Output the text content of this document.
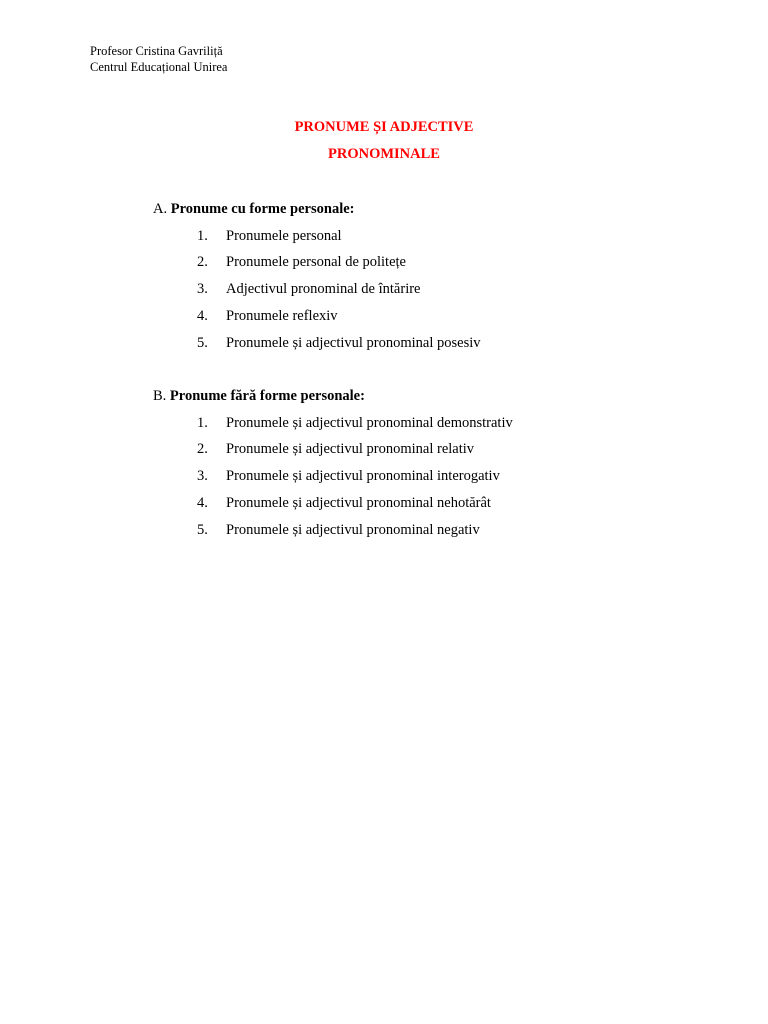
Profesor Cristina Gavriliță
Centrul Educațional Unirea
PRONUME ȘI ADJECTIVE
PRONOMINALE
A. Pronume cu forme personale:
1. Pronumele personal
2. Pronumele personal de politețe
3. Adjectivul pronominal de întărire
4. Pronumele reflexiv
5. Pronumele și adjectivul pronominal posesiv
B. Pronume fără forme personale:
1. Pronumele și adjectivul pronominal demonstrativ
2. Pronumele și adjectivul pronominal relativ
3. Pronumele și adjectivul pronominal interogativ
4. Pronumele și adjectivul pronominal nehotărât
5. Pronumele și adjectivul pronominal negativ
